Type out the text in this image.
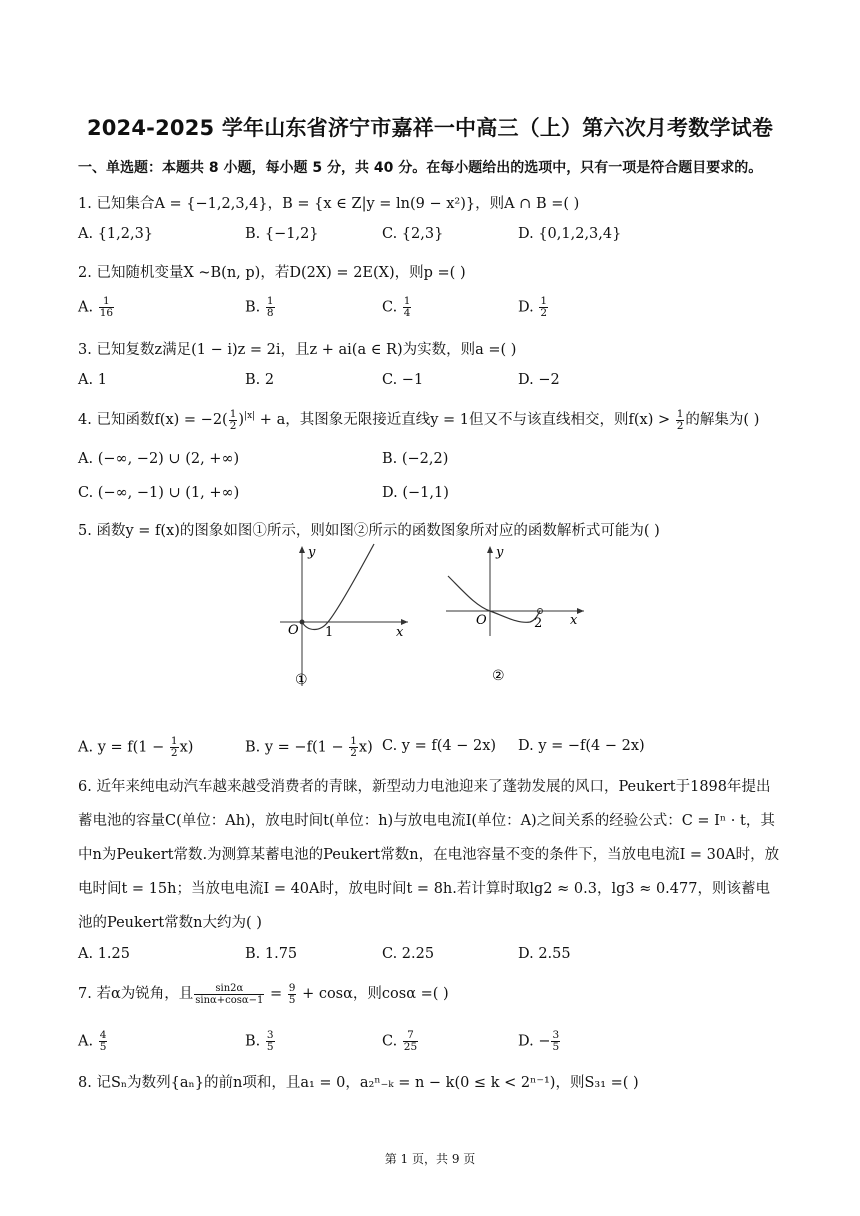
2024-2025 学年山东省济宁市嘉祥一中高三（上）第六次月考数学试卷
一、单选题：本题共 8 小题，每小题 5 分，共 40 分。在每小题给出的选项中，只有一项是符合题目要求的。
1. 已知集合A = {−1,2,3,4}，B = {x ∈ Z|y = ln(9 − x²)}，则A ∩ B =( )
A. {1,2,3}	B. {−1,2}	C. {2,3}	D. {0,1,2,3,4}
2. 已知随机变量X ~B(n, p)，若D(2X) = 2E(X)，则p =( )
A. $\frac{1}{16}$	B. $\frac{1}{8}$	C. $\frac{1}{4}$	D. $\frac{1}{2}$
3. 已知复数z满足(1 − i)z = 2i，且z + ai(a ∈ R)为实数，则a =( )
A. 1	B. 2	C. −1	D. −2
4. 已知函数$f(x) = -2( \frac{1}{2} )^{|x|} + a$，其图象无限接近直线y = 1但又不与该直线相交，则$f(x) > \frac{1}{2}$ 的解集为( )
A. (−∞, −2) ∪ (2, +∞)	B. (−2,2)
C. (−∞, −1) ∪ (1, +∞)	D. (−1,1)
5. 函数y = f(x)的图象如图①所示，则如图②所示的函数图象所对应的函数解析式可能为( )
y
O 1	x
①
y
O	2 x
②
A. $y = f(1 - \frac{1}{2} x)$	B. $y = -f(1 - \frac{1}{2} x)$ C. y = f(4 − 2x) D. y = −f(4 − 2x)
6. 近年来纯电动汽车越来越受消费者的青睐，新型动力电池迎来了蓬勃发展的风口，Peukert于1898年提出蓄电池的容量C(单位：Ah)，放电时间t(单位：h)与放电电流I(单位：A)之间关系的经验公式：C = Iⁿ · t，其中n为Peukert常数.为测算某蓄电池的Peukert常数n，在电池容量不变的条件下，当放电电流I = 30A时，放电时间t = 15h；当放电电流I = 40A时，放电时间t = 8h.若计算时取lg2 ≈ 0.3，lg3 ≈ 0.477，则该蓄电池的Peukert常数n大约为( )
A. 1.25	B. 1.75	C. 2.25	D. 2.55
7. 若α为锐角，且 $\frac{\sin 2\alpha}{\sin\alpha+\cos\alpha-1} = \frac{9}{5} + \cos\alpha$，则cosα =( )
A. $\frac{4}{5}$	B. $\frac{3}{5}$	C. $\frac{7}{25}$	D. − $\frac{3}{5}$
8. 记Sₙ为数列{aₙ}的前n项和，且a₁ = 0，a₂ⁿ₋ₖ = n − k(0 ≤ k < 2ⁿ⁻¹)，则S₃₁ =( )
第 1 页，共 9 页
